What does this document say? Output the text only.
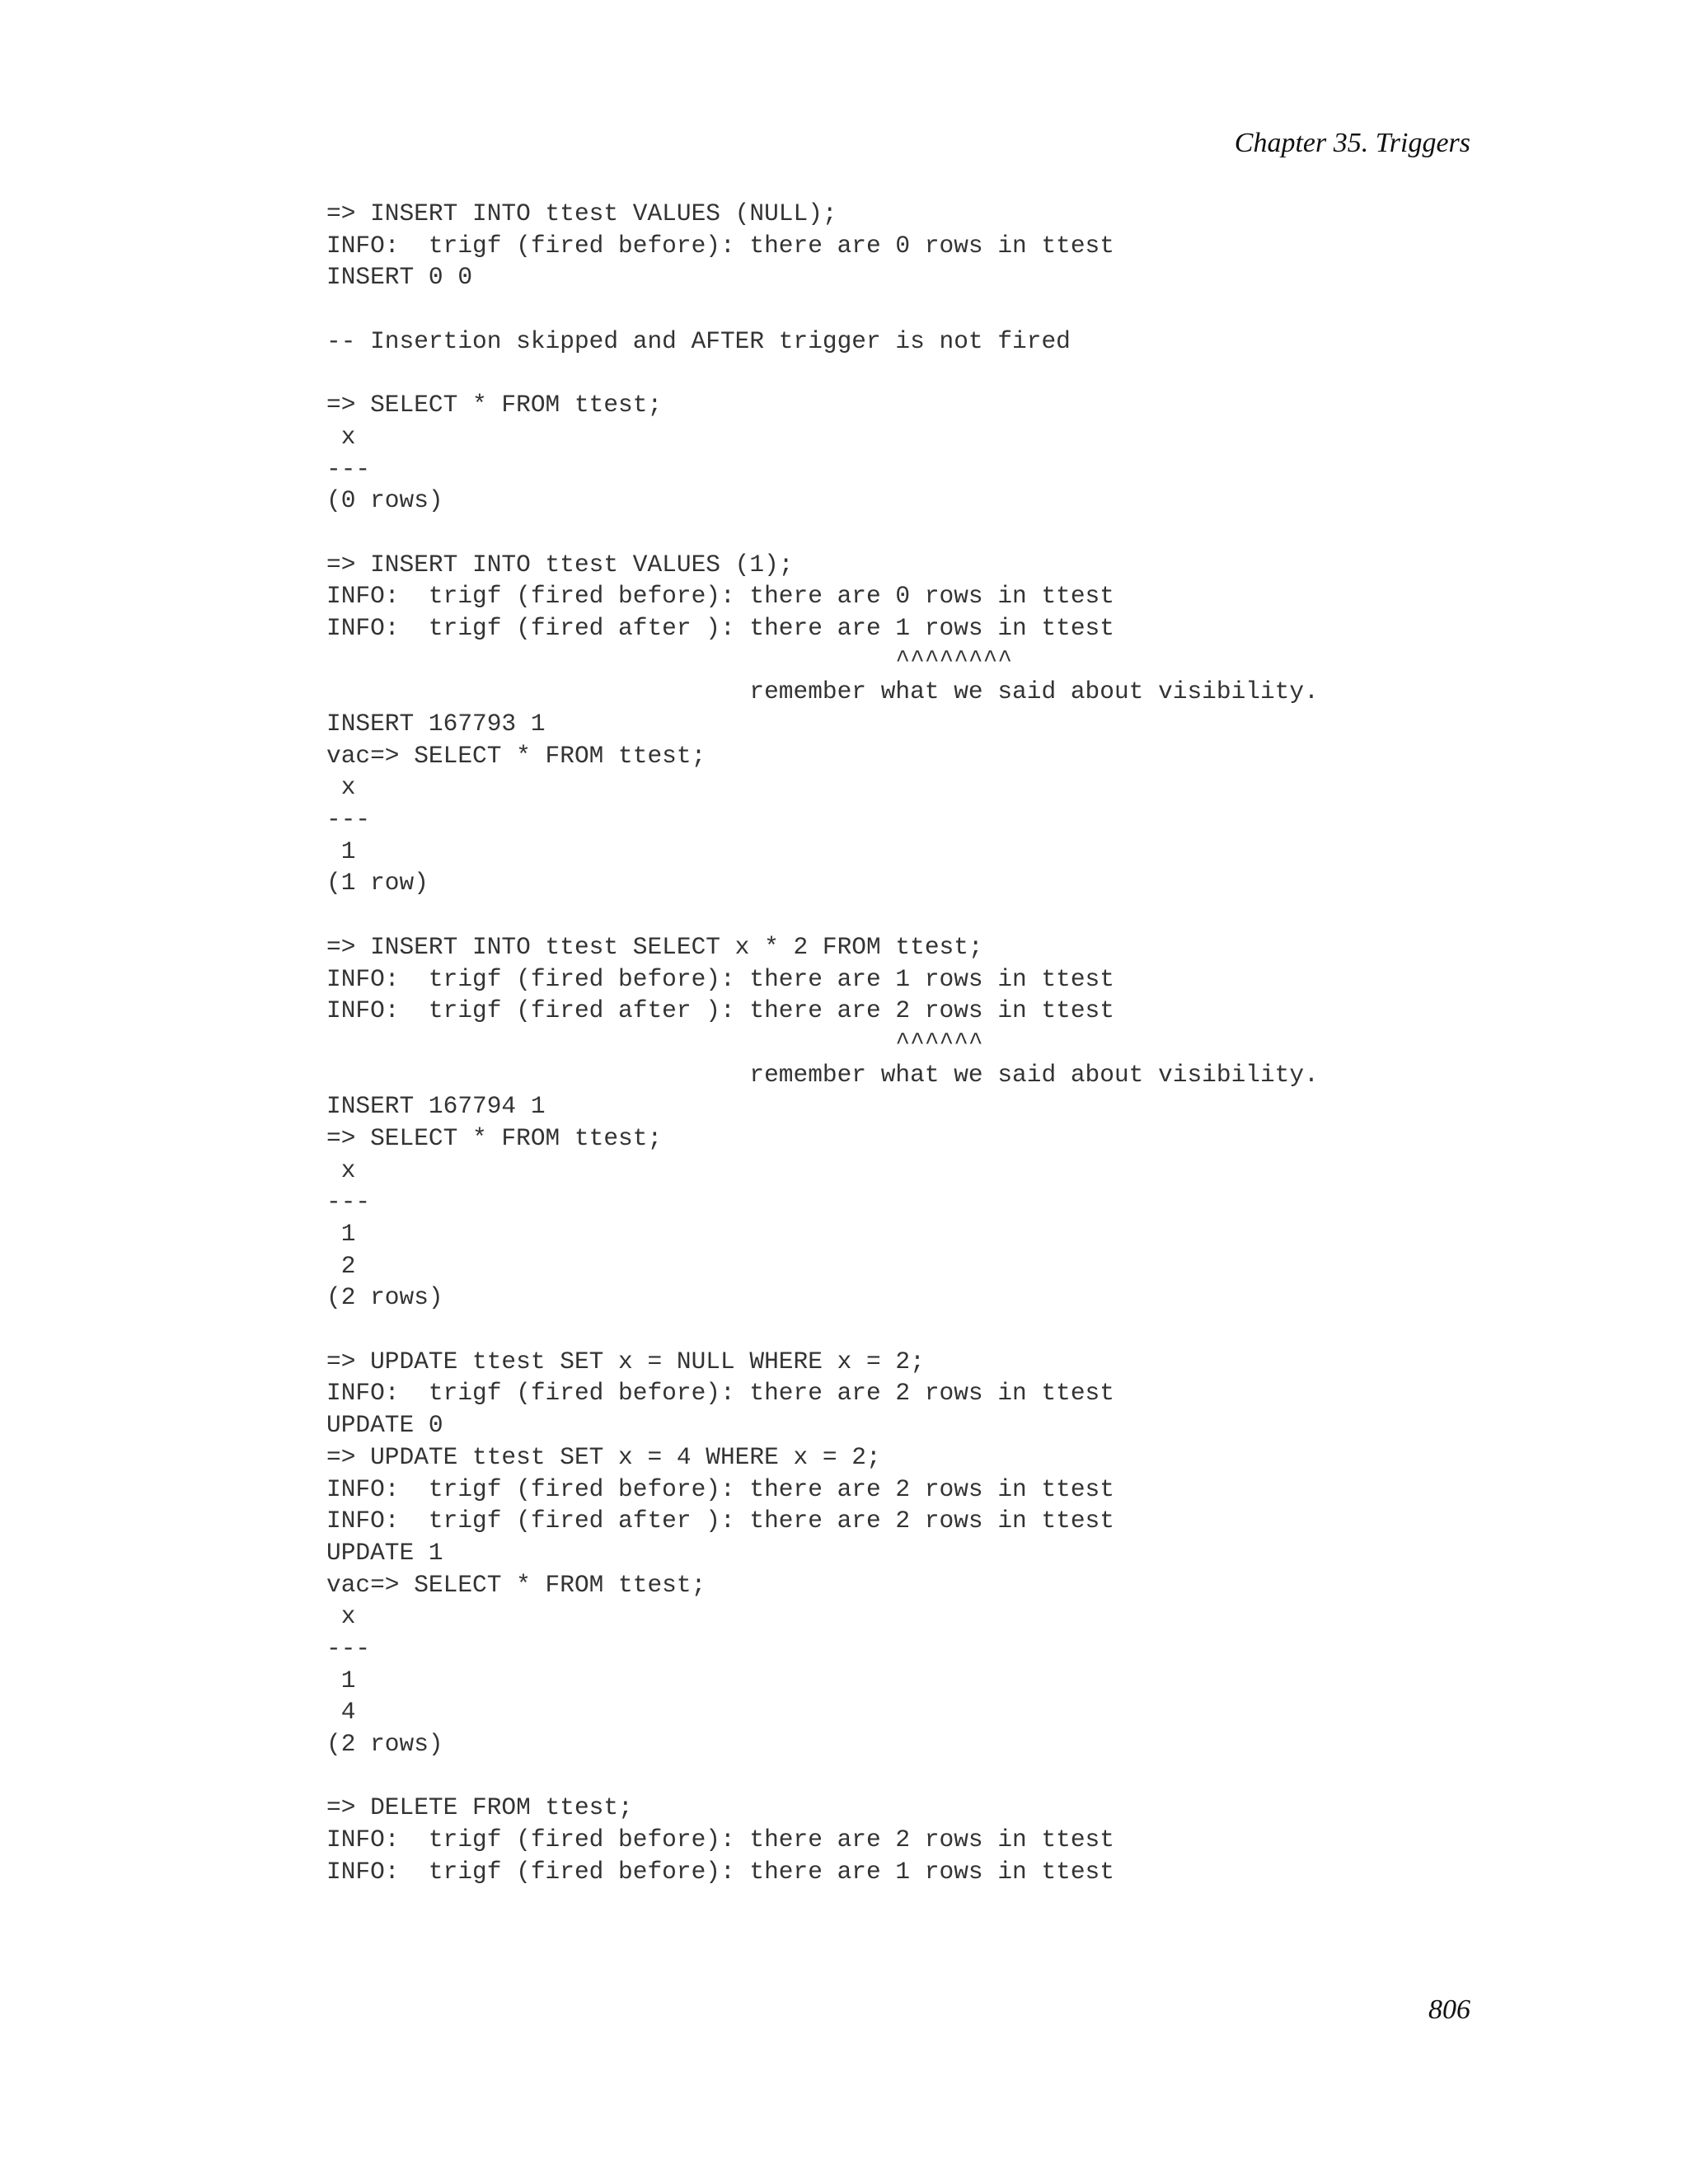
Chapter 35. Triggers
=> INSERT INTO ttest VALUES (NULL);
INFO:  trigf (fired before): there are 0 rows in ttest
INSERT 0 0
-- Insertion skipped and AFTER trigger is not fired
=> SELECT * FROM ttest;
x
---
(0 rows)
=> INSERT INTO ttest VALUES (1);
INFO:  trigf (fired before): there are 0 rows in ttest
INFO:  trigf (fired after ): there are 1 rows in ttest
^^^^^^^^
remember what we said about visibility.
INSERT 167793 1
vac=> SELECT * FROM ttest;
x
---
1
(1 row)
=> INSERT INTO ttest SELECT x * 2 FROM ttest;
INFO:  trigf (fired before): there are 1 rows in ttest
INFO:  trigf (fired after ): there are 2 rows in ttest
^^^^^^
remember what we said about visibility.
INSERT 167794 1
=> SELECT * FROM ttest;
x
---
1
2
(2 rows)
=> UPDATE ttest SET x = NULL WHERE x = 2;
INFO:  trigf (fired before): there are 2 rows in ttest
UPDATE 0
=> UPDATE ttest SET x = 4 WHERE x = 2;
INFO:  trigf (fired before): there are 2 rows in ttest
INFO:  trigf (fired after ): there are 2 rows in ttest
UPDATE 1
vac=> SELECT * FROM ttest;
x
---
1
4
(2 rows)
=> DELETE FROM ttest;
INFO:  trigf (fired before): there are 2 rows in ttest
INFO:  trigf (fired before): there are 1 rows in ttest
806
